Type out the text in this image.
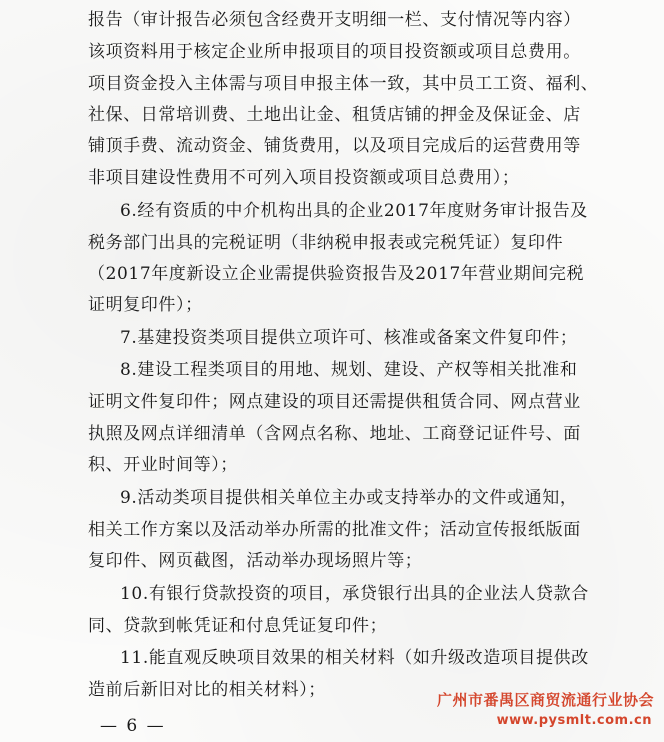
报告（审计报告必须包含经费开支明细一栏、支付情况等内容）
该项资料用于核定企业所申报项目的项目投资额或项目总费用。
项目资金投入主体需与项目申报主体一致，其中员工工资、福利、
社保、日常培训费、土地出让金、租赁店铺的押金及保证金、店
铺顶手费、流动资金、铺货费用，以及项目完成后的运营费用等
非项目建设性费用不可列入项目投资额或项目总费用）；
6.经有资质的中介机构出具的企业2017年度财务审计报告及
税务部门出具的完税证明（非纳税申报表或完税凭证）复印件
（2017年度新设立企业需提供验资报告及2017年营业期间完税
证明复印件）；
7.基建投资类项目提供立项许可、核准或备案文件复印件；
8.建设工程类项目的用地、规划、建设、产权等相关批准和
证明文件复印件；网点建设的项目还需提供租赁合同、网点营业
执照及网点详细清单（含网点名称、地址、工商登记证件号、面
积、开业时间等）；
9.活动类项目提供相关单位主办或支持举办的文件或通知，
相关工作方案以及活动举办所需的批准文件；活动宣传报纸版面
复印件、网页截图，活动举办现场照片等；
10.有银行贷款投资的项目，承贷银行出具的企业法人贷款合
同、贷款到帐凭证和付息凭证复印件；
11.能直观反映项目效果的相关材料（如升级改造项目提供改
造前后新旧对比的相关材料）；
— 6 —
广州市番禺区商贸流通行业协会
www.pysmlt.com.cn
